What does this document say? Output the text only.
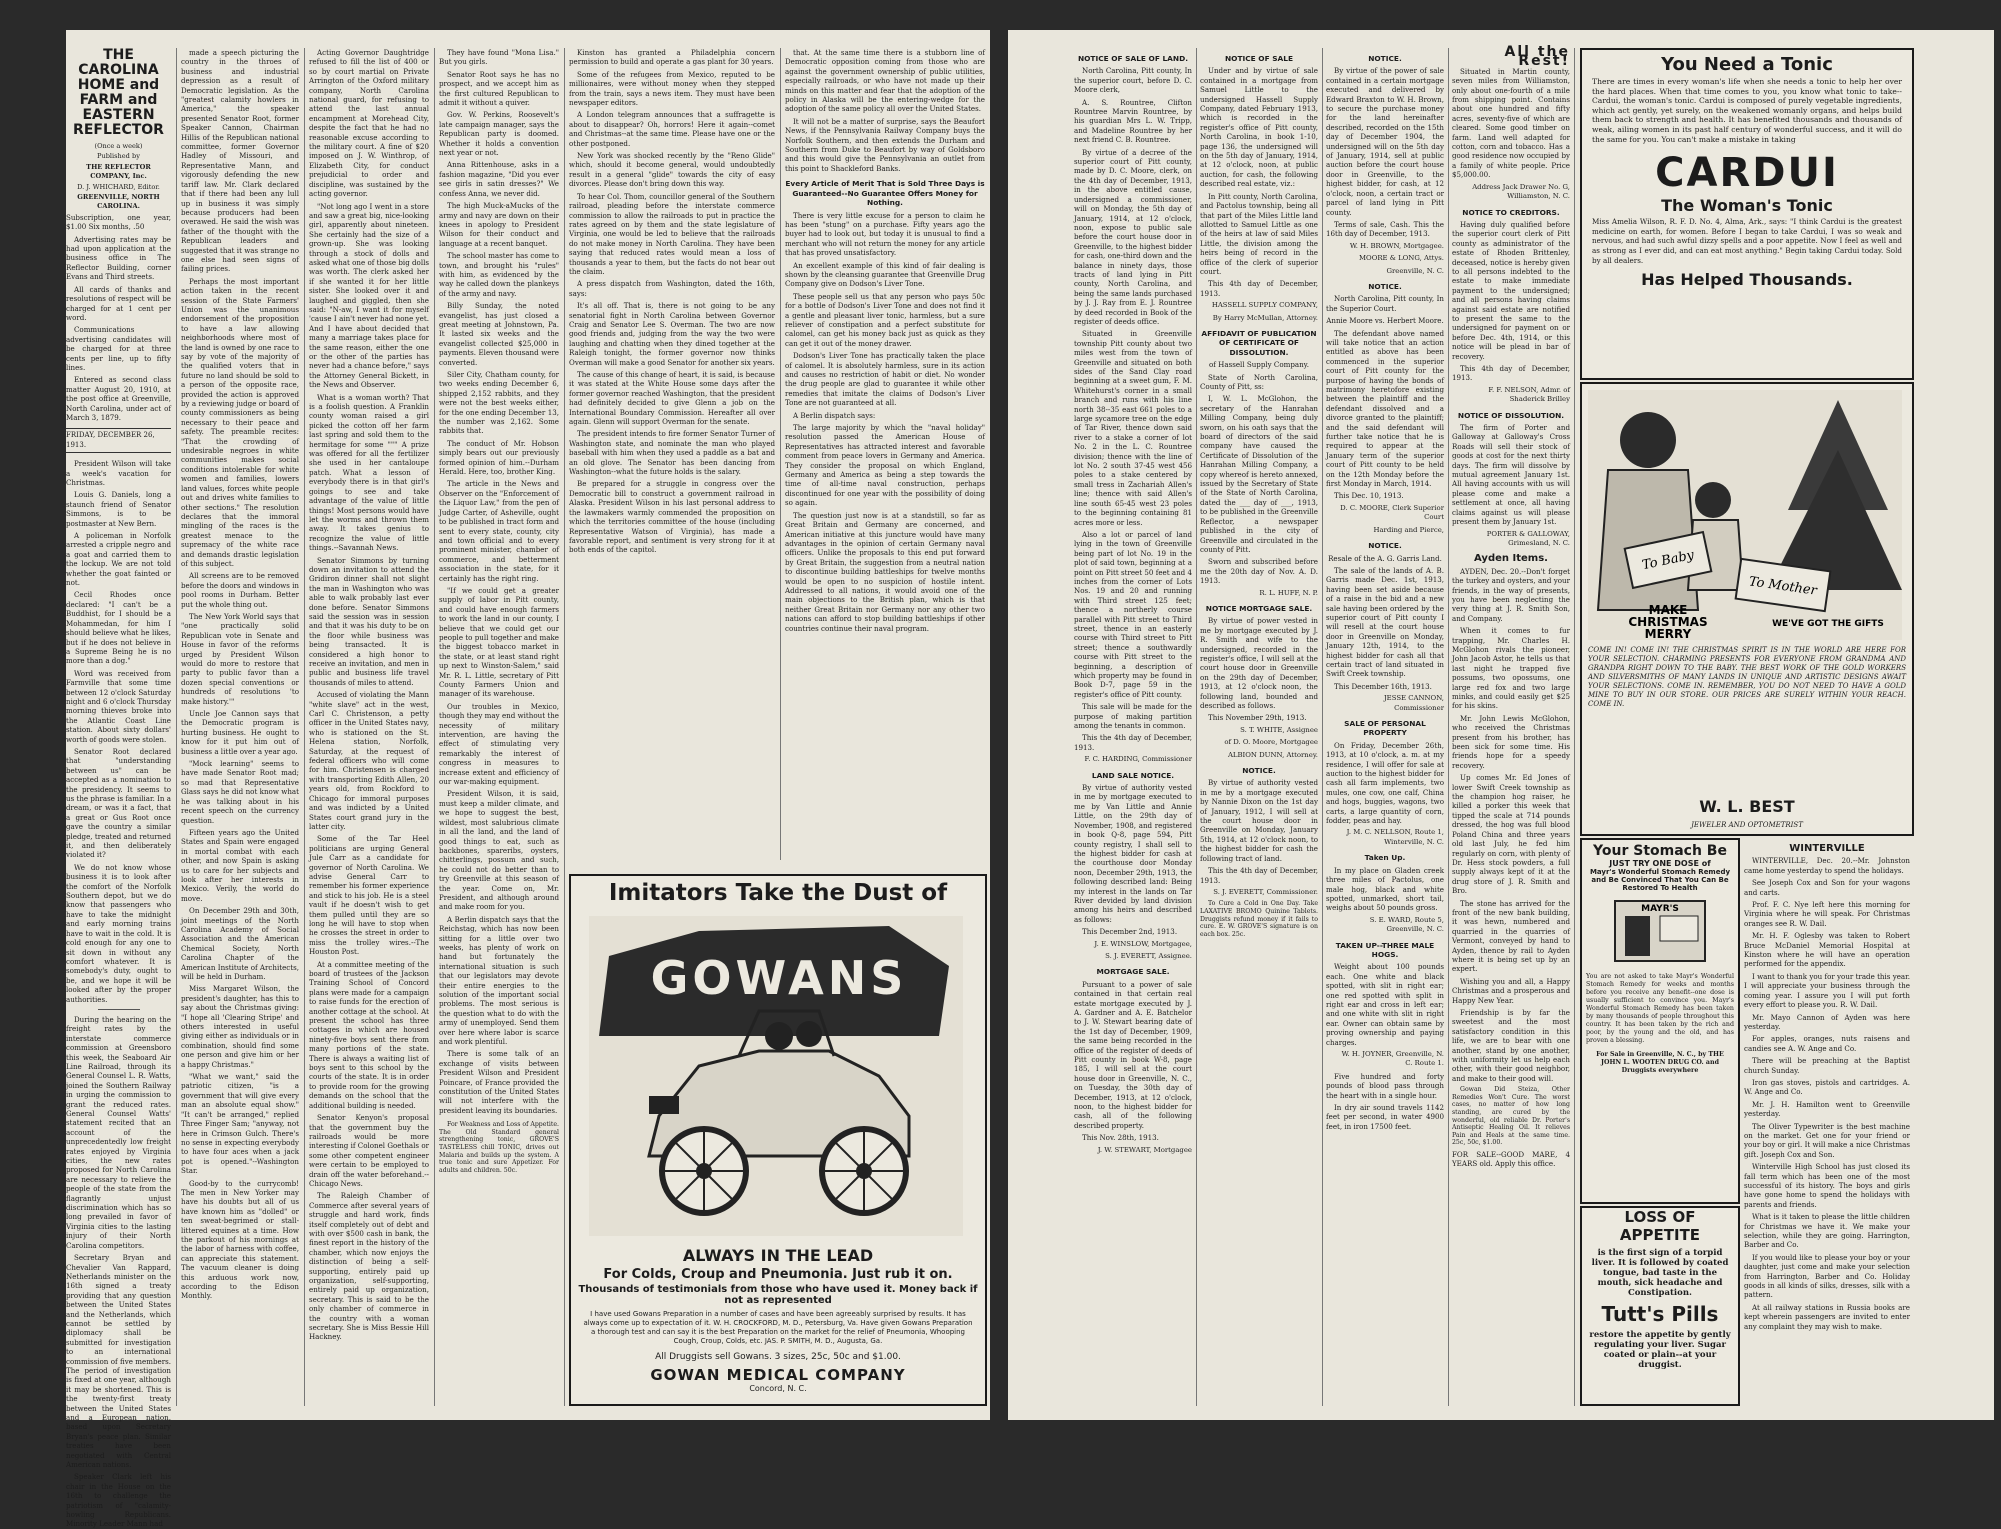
THE CAROLINA HOME and FARM and EASTERN REFLECTOR
(Once a week)
Published by
THE REFLECTOR COMPANY, Inc.
D. J. WHICHARD, Editor.
GREENVILLE, NORTH CAROLINA.

Subscription, one year, $1.00 Six months, .50

Advertising rates may be had upon application at the business office in The Reflector Building, corner Evans and Third streets.

All cards of thanks and resolutions of respect will be charged for at 1 cent per word.

Communications advertising candidates will be charged for at three cents per line, up to fifty lines.

Entered as second class matter August 20, 1910, at the post office at Greenville, North Carolina, under act of March 3, 1879.

FRIDAY, DECEMBER 26, 1913.

President Wilson will take a week's vacation for Christmas.

Louis G. Daniels, long a staunch friend of Senator Simmons, is to be postmaster at New Bern.

A policeman in Norfolk arrested a cripple negro and a goat and carried them to the lockup. We are not told whether the goat fainted or not.

Cecil Rhodes once declared: "I can't be a Buddhist, for I should be a Mohammedan, for him I should believe what he likes, but if he does not believe in a Supreme Being he is no more than a dog."

Word was received from Farmville that some time between 12 o'clock Saturday night and 6 o'clock Thursday morning thieves broke into the Atlantic Coast Line station. About sixty dollars' worth of goods were stolen.

Senator Root declared that "understanding between us" can be accepted as a nomination to the presidency. It seems to us the phrase is familiar. In a dream, or was it a fact, that a great or Gus Root once gave the country a similar pledge, treated and returned it, and then deliberately violated it?

We do not know whose business it is to look after the comfort of the Norfolk Southern depot, but we do know that passengers who have to take the midnight and early morning trains have to wait in the cold. It is cold enough for any one to sit down in without any comfort whatever. It is somebody's duty, ought to be, and we hope it will be looked after by the proper authorities.

During the hearing on the freight rates by the interstate commerce commission at Greensboro this week, the Seaboard Air Line Railroad, through its General Counsel L. R. Watts, joined the Southern Railway in urging the commission to grant the reduced rates. General Counsel Watts' statement recited that an account of the unprecedentedly low freight rates enjoyed by Virginia cities, the new rates proposed for North Carolina are necessary to relieve the people of the state from the flagrantly unjust discrimination which has so long prevailed in favor of Virginia cities to the lasting injury of their North Carolina competitors.

Secretary Bryan and Chevalier Van Rappard, Netherlands minister on the 16th signed a treaty providing that any question between the United States and the Netherlands, which cannot be settled by diplomacy shall be submitted for investigation to an international commission of five members. The period of investigation is fixed at one year, although it may be shortened. This is the twenty-first treaty between the United States and a European nation, based upon Secretary Bryan's peace plan. Similar treaties have been negotiated with Central American nations.

Speaker Clark left his chair in the House on the 16th to challenge the patriotism of "calamity-howling Republicans. Minority Leader Mann had

made a speech picturing the country in the throes of business and industrial depression as a result of Democratic legislation. As the "greatest calamity howlers in America," the speaker presented Senator Root, former Speaker Cannon, Chairman Hillis of the Republican national committee, former Governor Hadley of Missouri, and Representative Mann, and vigorously defending the new tariff law. Mr. Clark declared that if there had been any lull up in business it was simply because producers had been overawed. He said the wish was father of the thought with the Republican leaders and suggested that it was strange no one else had seen signs of failing prices.

Perhaps the most important action taken in the recent session of the State Farmers' Union was the unanimous endorsement of the proposition to have a law allowing neighborhoods where most of the land is owned by one race to say by vote of the majority of the qualified voters that in future no land should be sold to a person of the opposite race, provided the action is approved by a reviewing judge or board of county commissioners as being necessary to their peace and safety. The preamble recites: "That the crowding of undesirable negroes in white communities makes social conditions intolerable for white women and families, lowers land values, forces white people out and drives white families to other sections." The resolution declares that the immoral mingling of the races is the greatest menace to the supremacy of the white race and demands drastic legislation of this subject.

All screens are to be removed before the doors and windows in pool rooms in Durham. Better put the whole thing out.

The New York World says that "one practically solid Republican vote in Senate and House in favor of the reforms urged by President Wilson would do more to restore that party to public favor than a dozen special conventions or hundreds of resolutions 'to make history.'"

Uncle Joe Cannon says that the Democratic program is hurting business. He ought to know for it put him out of business a little over a year ago.

"Mock learning" seems to have made Senator Root mad; so mad that Representative Glass says he did not know what he was talking about in his recent speech on the currency question.

Fifteen years ago the United States and Spain were engaged in mortal combat with each other, and now Spain is asking us to care for her subjects and look after her interests in Mexico. Verily, the world do move.

On December 29th and 30th, joint meetings of the North Carolina Academy of Social Association and the American Chemical Society, North Carolina Chapter of the American Institute of Architects, will be held in Durham.

Miss Margaret Wilson, the president's daughter, has this to say about the Christmas giving: "I hope all 'Clearing Stripe' and others interested in useful giving either as individuals or in combination, should find some one person and give him or her a happy Christmas."

"What we want," said the patriotic citizen, "is a government that will give every man an absolute equal show." "It can't be arranged," replied Three Finger Sam; "anyway, not here in Crimson Gulch. There's no sense in expecting everybody to have four aces when a jack pot is opened."--Washington Star.

Good-by to the currycomb! The men in New Yorker may have his doubts but all of us have known him as "dolled" or ten sweat-begrimed or stall-littered equines at a time. How the parkout of his mornings at the labor of harness with coffee, can appreciate this statement. The vacuum cleaner is doing this arduous work now, according to the Edison Monthly.

Acting Governor Daughtridge refused to fill the list of 400 or so by court martial on Private Arrington of the Oxford military company, North Carolina national guard, for refusing to attend the last annual encampment at Morehead City, despite the fact that he had no reasonable excuse according to the military court. A fine of $20 imposed on J. W. Winthrop, of Elizabeth City, for conduct prejudicial to order and discipline, was sustained by the acting governor.

"Not long ago I went in a store and saw a great big, nice-looking girl, apparently about nineteen. She certainly had the size of a grown-up. She was looking through a stock of dolls and asked what one of those big dolls was worth. The clerk asked her if she wanted it for her little sister. She looked over it and laughed and giggled, then she said: "N-aw, I want it for myself 'cause I ain't never had none yet. And I have about decided that many a marriage takes place for the same reason, either the one or the other of the parties has never had a chance before," says the Attorney General Bickett, in the News and Observer.

What is a woman worth? That is a foolish question. A Franklin county woman raised a girl picked the cotton off her farm last spring and sold them to the hermitage for some """ A prize was offered for all the fertilizer she used in her cantaloupe patch. What a lesson of everybody there is in that girl's goings to see and take advantage of the value of little things! Most persons would have let the worms and thrown them away. It takes genius to recognize the value of little things.--Savannah News.

Senator Simmons by turning down an invitation to attend the Gridiron dinner shall not slight the man in Washington who was able to walk probably last ever done before. Senator Simmons said the session was in session and that it was his duty to be on the floor while business was being transacted. It is considered a high honor to receive an invitation, and men in public and business life travel thousands of miles to attend.

Accused of violating the Mann "white slave" act in the west, Carl C. Christenson, a petty officer in the United States navy, who is stationed on the St. Helena station, Norfolk, Saturday, at the request of federal officers who will come for him. Christensen is charged with transporting Edith Allen, 20 years old, from Rockford to Chicago for immoral purposes and was indicted by a United States court grand jury in the latter city.

Some of the Tar Heel politicians are urging General Jule Carr as a candidate for governor of North Carolina. We advise General Carr to remember his former experience and stick to his job. He is a steel vault if he doesn't wish to get them pulled until they are so long he will have to stop when he crosses the street in order to miss the trolley wires.--The Houston Post.

At a committee meeting of the board of trustees of the Jackson Training School of Concord plans were made for a campaign to raise funds for the erection of another cottage at the school. At present the school has three cottages in which are housed ninety-five boys sent there from many portions of the state. There is always a waiting list of boys sent to this school by the courts of the state. It is in order to provide room for the growing demands on the school that the additional building is needed.

Senator Kenyon's proposal that the government buy the railroads would be more interesting if Colonel Goethals or some other competent engineer were certain to be employed to drain off the water beforehand.--Chicago News.

The Raleigh Chamber of Commerce after several years of struggle and hard work, finds itself completely out of debt and with over $500 cash in bank, the finest report in the history of the chamber, which now enjoys the distinction of being a self-supporting, entirely paid up organization, self-supporting, entirely paid up organization, secretary. This is said to be the only chamber of commerce in the country with a woman secretary. She is Miss Bessie Hill Hackney.

They have found "Mona Lisa." But you girls.

Senator Root says he has no prospect, and we accept him as the first cultured Republican to admit it without a quiver.

Gov. W. Perkins, Roosevelt's late campaign manager, says the Republican party is doomed. Whether it holds a convention next year or not.

Anna Rittenhouse, asks in a fashion magazine, "Did you ever see girls in satin dresses?" We confess Anna, we never did.

The high Muck-aMucks of the army and navy are down on their knees in apology to President Wilson for their conduct and language at a recent banquet.

The school master has come to town, and brought his "rules" with him, as evidenced by the way he called down the plankeys of the army and navy.

Billy Sunday, the noted evangelist, has just closed a great meeting at Johnstown, Pa. It lasted six weeks and the evangelist collected $25,000 in payments. Eleven thousand were converted.

Siler City, Chatham county, for two weeks ending December 6, shipped 2,152 rabbits, and they were not the best weeks either, for the one ending December 13, the number was 2,162. Some rabbits that.

The conduct of Mr. Hobson simply bears out our previously formed opinion of him.--Durham Herald. Here, too, brother King.

The article in the News and Observer on the "Enforcement of the Liquor Law," from the pen of Judge Carter, of Asheville, ought to be published in tract form and sent to every state, county, city and town official and to every prominent minister, chamber of commerce, and betterment association in the state, for it certainly has the right ring.

"If we could get a greater supply of labor in Pitt county, and could have enough farmers to work the land in our county, I believe that we could get our people to pull together and make the biggest tobacco market in the state, or at least stand right up next to Winston-Salem," said Mr. R. L. Little, secretary of Pitt County Farmers Union and manager of its warehouse.

Our troubles in Mexico, though they may end without the necessity of military intervention, are having the effect of stimulating very remarkably the interest of congress in measures to increase extent and efficiency of our war-making equipment.

President Wilson, it is said, must keep a milder climate, and we hope to suggest the best, wildest, most salubrious climate in all the land, and the land of good things to eat, such as backbones, spareribs, oysters, chitterlings, possum and such, he could not do better than to try Greenville at this season of the year. Come on, Mr. President, and although around and make room for you.

A Berlin dispatch says that the Reichstag, which has now been sitting for a little over two weeks, has plenty of work on hand but fortunately the international situation is such that our legislators may devote their entire energies to the solution of the important social problems. The most serious is the question what to do with the army of unemployed. Send them over here where labor is scarce and work plentiful.

There is some talk of an exchange of visits between President Wilson and President Poincare, of France provided the constitution of the United States will not interfere with the president leaving its boundaries.

For Weakness and Loss of Appetite. The Old Standard general strengthening tonic, GROVE'S TASTELESS chill TONIC, drives out Malaria and builds up the system. A true tonic and sure Appetizer. For adults and children. 50c.

Kinston has granted a Philadelphia concern permission to build and operate a gas plant for 30 years.

Some of the refugees from Mexico, reputed to be millionaires, were without money when they stepped from the train, says a news item. They must have been newspaper editors.

A London telegram announces that a suffragette is about to disappear? Oh, horrors! Here it again--comet and Christmas--at the same time. Please have one or the other postponed.

New York was shocked recently by the "Reno Glide" which, should it become general, would undoubtedly result in a general "glide" towards the city of easy divorces. Please don't bring down this way.

To hear Col. Thom, councillor general of the Southern railroad, pleading before the interstate commerce commission to allow the railroads to put in practice the rates agreed on by them and the state legislature of Virginia, one would be led to believe that the railroads do not make money in North Carolina. They have been saying that reduced rates would mean a loss of thousands a year to them, but the facts do not bear out the claim.

A press dispatch from Washington, dated the 16th, says:

It's all off. That is, there is not going to be any senatorial fight in North Carolina between Governor Craig and Senator Lee S. Overman. The two are now good friends and, judging from the way the two were laughing and chatting when they dined together at the Raleigh tonight, the former governor now thinks Overman will make a good Senator for another six years.

The cause of this change of heart, it is said, is because it was stated at the White House some days after the former governor reached Washington, that the president had definitely decided to give Glenn a job on the International Boundary Commission. Hereafter all over again. Glenn will support Overman for the senate.

The president intends to fire former Senator Turner of Washington state, and nominate the man who played baseball with him when they used a paddle as a bat and an old glove. The Senator has been dancing from Washington--what the future holds is the salary.

Be prepared for a struggle in congress over the Democratic bill to construct a government railroad in Alaska. President Wilson in his last personal address to the lawmakers warmly commended the proposition on which the territories committee of the house (including Representative Watson of Virginia), has made a favorable report, and sentiment is very strong for it at both ends of the capitol.

that. At the same time there is a stubborn line of Democratic opposition coming from those who are against the government ownership of public utilities, especially railroads, or who have not made up their minds on this matter and fear that the adoption of the policy in Alaska will be the entering-wedge for the adoption of the same policy all over the United States.

It will not be a matter of surprise, says the Beaufort News, if the Pennsylvania Railway Company buys the Norfolk Southern, and then extends the Durham and Southern from Duke to Beaufort by way of Goldsboro and this would give the Pennsylvania an outlet from this point to Shackleford Banks.

Every Article of Merit That is Sold Three Days is Guaranteed--No Guarantee Offers Money for Nothing.

There is very little excuse for a person to claim he has been "stung" on a purchase. Fifty years ago the buyer had to look out, but today it is unusual to find a merchant who will not return the money for any article that has proved unsatisfactory.

An excellent example of this kind of fair dealing is shown by the cleansing guarantee that Greenville Drug Company give on Dodson's Liver Tone.

These people sell us that any person who pays 50c for a bottle of Dodson's Liver Tone and does not find it a gentle and pleasant liver tonic, harmless, but a sure reliever of constipation and a perfect substitute for calomel, can get his money back just as quick as they can get it out of the money drawer.

Dodson's Liver Tone has practically taken the place of calomel. It is absolutely harmless, sure in its action and causes no restriction of habit or diet. No wonder the drug people are glad to guarantee it while other remedies that imitate the claims of Dodson's Liver Tone are not guaranteed at all.

A Berlin dispatch says:

The large majority by which the "naval holiday" resolution passed the American House of Representatives has attracted interest and favorable comment from peace lovers in Germany and America. They consider the proposal on which England, Germany and America as being a step towards the time of all-time naval construction, perhaps discontinued for one year with the possibility of doing so again.

The question just now is at a standstill, so far as Great Britain and Germany are concerned, and American initiative at this juncture would have many advantages in the opinion of certain Germany naval officers. Unlike the proposals to this end put forward by Great Britain, the suggestion from a neutral nation to discontinue building battleships for twelve months would be open to no suspicion of hostile intent. Addressed to all nations, it would avoid one of the main objections to the British plan, which is that neither Great Britain nor Germany nor any other two nations can afford to stop building battleships if other countries continue their naval program.

Imitators Take the Dust of
GOWANS
ALWAYS IN THE LEAD
For Colds, Croup and Pneumonia. Just rub it on.
Thousands of testimonials from those who have used it. Money back if not as represented
I have used Gowans Preparation in a number of cases and have been agreeably surprised by results. It has always come up to expectation of it. W. H. CROCKFORD, M. D., Petersburg, Va. Have given Gowans Preparation a thorough test and can say it is the best Preparation on the market for the relief of Pneumonia, Whooping Cough, Croup, Colds, etc. JAS. P. SMITH, M. D., Augusta, Ga.
All Druggists sell Gowans. 3 sizes, 25c, 50c and $1.00.
GOWAN MEDICAL COMPANY
Concord, N. C.
NOTICE OF SALE OF LAND.

North Carolina, Pitt county, In the superior court, before D. C. Moore clerk,

A. S. Rountree, Clifton Rountree Marvin Rountree, by his guardian Mrs L. W. Tripp, and Madeline Rountree by her next friend C. B. Rountree.

By virtue of a decree of the superior court of Pitt county, made by D. C. Moore, clerk, on the 4th day of December, 1913, in the above entitled cause, undersigned a commissioner, will on Monday, the 5th day of January, 1914, at 12 o'clock, noon, expose to public sale before the court house door in Greenville, to the highest bidder for cash, one-third down and the balance in ninety days, those tracts of land lying in Pitt county, North Carolina, and being the same lands purchased by J. J. Ray from E. J. Rountree by deed recorded in Book of the register of deeds office.

Situated in Greenville township Pitt county about two miles west from the town of Greenville and situated on both sides of the Sand Clay road beginning at a sweet gum, F. M. Whitehurst's corner in a small branch and runs with his line north 38--35 east 661 poles to a large sycamore tree on the edge of Tar River, thence down said river to a stake a corner of lot No. 2 in the L. C. Rountree division; thence with the line of lot No. 2 south 37-45 west 456 poles to a stake centered by small tress in Zachariah Allen's line; thence with said Allen's line south 65-45 west 23 poles to the beginning containing 81 acres more or less.

Also a lot or parcel of land lying in the town of Greenville being part of lot No. 19 in the plot of said town, beginning at a point on Pitt street 50 feet and 4 inches from the corner of Lots Nos. 19 and 20 and running with Third street 125 feet; thence a northerly course parallel with Pitt street to Third street, thence in an easterly course with Third street to Pitt street; thence a southwardly course with Pitt street to the beginning, a description of which property may be found in Book D-7, page 59 in the register's office of Pitt county.

This sale will be made for the purpose of making partition among the tenants in common.

This the 4th day of December, 1913.

F. C. HARDING, Commissioner

LAND SALE NOTICE.

By virtue of authority vested in me by mortgage executed to me by Van Little and Annie Little, on the 29th day of November, 1908, and registered in book Q-8, page 594, Pitt county registry, I shall sell to the highest bidder for cash at the courthouse door Monday noon, December 29th, 1913, the following described land: Being my interest in the lands on Tar River devided by land division among his heirs and described as follows:

This December 2nd, 1913.

J. E. WINSLOW, Mortgagee,

S. J. EVERETT, Assignee.

MORTGAGE SALE.

Pursuant to a power of sale contained in that certain real estate mortgage executed by J. A. Gardner and A. E. Batchelor to J. W. Stewart bearing date of the 1st day of December, 1909, the same being recorded in the office of the register of deeds of Pitt county in book W-8, page 185, I will sell at the court house door in Greenville, N. C., on Tuesday, the 30th day of December, 1913, at 12 o'clock, noon, to the highest bidder for cash, all of the following described property.

This Nov. 28th, 1913.

J. W. STEWART, Mortgagee

NOTICE OF SALE

Under and by virtue of sale contained in a mortgage from Samuel Little to the undersigned Hassell Supply Company, dated February 1913, which is recorded in the register's office of Pitt county, North Carolina, in book 1-10, page 136, the undersigned will on the 5th day of January, 1914, at 12 o'clock, noon, at public auction, for cash, the following described real estate, viz.:

In Pitt county, North Carolina, and Pactolus township, being all that part of the Miles Little land allotted to Samuel Little as one of the heirs at law of said Miles Little, the division among the heirs being of record in the office of the clerk of superior court.

This 4th day of December, 1913.

HASSELL SUPPLY COMPANY,

By Harry McMullan, Attorney.

AFFIDAVIT OF PUBLICATION OF CERTIFICATE OF DISSOLUTION.

of Hassell Supply Company.

State of North Carolina, County of Pitt, ss:

I, W. L. McGlohon, the secretary of the Hanrahan Milling Company, being duly sworn, on his oath says that the board of directors of the said company have caused the Certificate of Dissolution of the Hanrahan Milling Company, a copy whereof is hereto annexed, issued by the Secretary of State of the State of North Carolina, dated the ___ day of ___, 1913, to be published in the Greenville Reflector, a newspaper published in the city of Greenville and circulated in the county of Pitt.

Sworn and subscribed before me the 20th day of Nov. A. D. 1913.

R. L. HUFF, N. P.

NOTICE MORTGAGE SALE.

By virtue of power vested in me by mortgage executed by J. R. Smith and wife to the undersigned, recorded in the register's office, I will sell at the court house door in Greenville on the 29th day of December, 1913, at 12 o'clock noon, the following land, bounded and described as follows.

This November 29th, 1913.

S. T. WHITE, Assignee

of D. O. Moore, Mortgagee

ALBION DUNN, Attorney.

NOTICE.

By virtue of authority vested in me by a mortgage executed by Nannie Dixon on the 1st day of January, 1912, I will sell at the court house door in Greenville on Monday, January 5th, 1914, at 12 o'clock noon, to the highest bidder for cash the following tract of land.

This the 4th day of December, 1913.

S. J. EVERETT, Commissioner.

To Cure a Cold in One Day. Take LAXATIVE BROMO Quinine Tablets. Druggists refund money if it fails to cure. E. W. GROVE'S signature is on each box. 25c.

NOTICE.

By virtue of the power of sale contained in a certain mortgage executed and delivered by Edward Braxton to W. H. Brown, to secure the purchase money for the land hereinafter described, recorded on the 15th day of December 1904, the undersigned will on the 5th day of January, 1914, sell at public auction before the court house door in Greenville, to the highest bidder, for cash, at 12 o'clock, noon, a certain tract or parcel of land lying in Pitt county.

Terms of sale, Cash. This the 16th day of December, 1913.

W. H. BROWN, Mortgagee.

MOORE & LONG, Attys.

Greenville, N. C.

NOTICE.

North Carolina, Pitt county, In the Superior Court.

Annie Moore vs. Herbert Moore.

The defendant above named will take notice that an action entitled as above has been commenced in the superior court of Pitt county for the purpose of having the bonds of matrimony heretofore existing between the plaintiff and the defendant dissolved and a divorce granted to the plaintiff; and the said defendant will further take notice that he is required to appear at the January term of the superior court of Pitt county to be held on the 12th Monday before the first Monday in March, 1914.

This Dec. 10, 1913.

D. C. MOORE, Clerk Superior Court

Harding and Pierce,

NOTICE.

Resale of the A. G. Garris Land.

The sale of the lands of A. B. Garris made Dec. 1st, 1913, having been set aside because of a raise in the bid and a new sale having been ordered by the superior court of Pitt county I will resell at the court house door in Greenville on Monday, January 12th, 1914, to the highest bidder for cash all that certain tract of land situated in Swift Creek township.

This December 16th, 1913.

JESSE CANNON, Commissioner

SALE OF PERSONAL PROPERTY

On Friday, December 26th, 1913, at 10 o'clock, a. m. at my residence, I will offer for sale at auction to the highest bidder for cash all farm implements, two mules, one cow, one calf, China and hogs, buggies, wagons, two carts, a large quantity of corn, fodder, peas and hay.

J. M. C. NELLSON, Route 1, Winterville, N. C.

Taken Up.

In my place on Gladen creek three miles of Pactolus, one male hog, black and white spotted, unmarked, short tail, weighs about 50 pounds gross.

S. E. WARD, Route 5, Greenville, N. C.

TAKEN UP--THREE MALE HOGS.

Weight about 100 pounds each. One white and black spotted, with slit in right ear; one red spotted with split in right ear and cross in left ear; and one white with slit in right ear. Owner can obtain same by proving ownership and paying charges.

W. H. JOYNER, Greenville, N. C. Route 1.

Five hundred and forty pounds of blood pass through the heart with in a single hour.

In dry air sound travels 1142 feet per second, in water 4900 feet, in iron 17500 feet.

All the Rest!

Situated in Martin county, seven miles from Williamston, only about one-fourth of a mile from shipping point. Contains about one hundred and fifty acres, seventy-five of which are cleared. Some good timber on farm. Land well adapted for cotton, corn and tobacco. Has a good residence now occupied by a family of white people. Price $5,000.00.

Address Jack Drawer No. G, Williamston, N. C.

NOTICE TO CREDITORS.

Having duly qualified before the superior court clerk of Pitt county as administrator of the estate of Rhoden Brittenley, deceased, notice is hereby given to all persons indebted to the estate to make immediate payment to the undersigned; and all persons having claims against said estate are notified to present the same to the undersigned for payment on or before Dec. 4th, 1914, or this notice will be plead in bar of recovery.

This 4th day of December, 1913.

F. F. NELSON, Admr. of Shaderick Brilley

NOTICE OF DISSOLUTION.

The firm of Porter and Galloway at Galloway's Cross Roads will sell their stock of goods at cost for the next thirty days. The firm will dissolve by mutual agreement January 1st. All having accounts with us will please come and make a settlement at once, all having claims against us will please present them by January 1st.

PORTER & GALLOWAY, Grimesland, N. C.

Ayden Items.

AYDEN, Dec. 20.--Don't forget the turkey and oysters, and your friends, in the way of presents, you have been neglecting the very thing at J. R. Smith Son, and Company.

When it comes to fur trapping, Mr. Charles H. McGlohon rivals the pioneer, John Jacob Astor, he tells us that last night he trapped five possums, two opossums, one large red fox and two large minks, and could easily get $25 for his skins.

Mr. John Lewis McGlohon, who received the Christmas present from his brother, has been sick for some time. His friends hope for a speedy recovery.

Up comes Mr. Ed Jones of lower Swift Creek township as the champion hog raiser, he killed a porker this week that tipped the scale at 714 pounds dressed, the hog was full blood Poland China and three years old last July, he fed him regularly on corn, with plenty of Dr. Hess stock powders, a full supply always kept of it at the drug store of J. R. Smith and Bro.

The stone has arrived for the front of the new bank building, it was hewn, numbered and quarried in the quarries of Vermont, conveyed by hand to Ayden, thence by rail to Ayden where it is being set up by an expert.

Wishing you and all, a Happy Christmas and a prosperous and Happy New Year.

Friendship is by far the sweetest and the most satisfactory condition in this life, we are to bear with one another, stand by one another, with uniformity let us help each other, with their good neighbor, and make to their good will.

Gowan Did Steiza, Other Remedies Won't Cure. The worst cases, no matter of how long standing, are cured by the wonderful, old reliable Dr. Porter's Antiseptic Healing Oil. It relieves Pain and Heals at the same time. 25c, 50c, $1.00.

FOR SALE--GOOD MARE, 4 YEARS old. Apply this office.

You Need a Tonic
There are times in every woman's life when she needs a tonic to help her over the hard places. When that time comes to you, you know what tonic to take--Cardui, the woman's tonic. Cardui is composed of purely vegetable ingredients, which act gently, yet surely, on the weakened womanly organs, and helps build them back to strength and health. It has benefited thousands and thousands of weak, ailing women in its past half century of wonderful success, and it will do the same for you. You can't make a mistake in taking
CARDUI
The Woman's Tonic
Miss Amelia Wilson, R. F. D. No. 4, Alma, Ark., says: "I think Cardui is the greatest medicine on earth, for women. Before I began to take Cardui, I was so weak and nervous, and had such awful dizzy spells and a poor appetite. Now I feel as well and as strong as I ever did, and can eat most anything." Begin taking Cardui today. Sold by all dealers.
Has Helped Thousands.
To Baby
To Mother
MAKE
CHRISTMAS
MERRY
WE'VE GOT THE GIFTS
COME IN! COME IN! THE CHRISTMAS SPIRIT IS IN THE WORLD ARE HERE FOR YOUR SELECTION. CHARMING PRESENTS FOR EVERYONE FROM GRANDMA AND GRANDPA RIGHT DOWN TO THE BABY. THE BEST WORK OF THE GOLD WORKERS AND SILVERSMITHS OF MANY LANDS IN UNIQUE AND ARTISTIC DESIGNS AWAIT YOUR SELECTIONS. COME IN. REMEMBER, YOU DO NOT NEED TO HAVE A GOLD MINE TO BUY IN OUR STORE. OUR PRICES ARE SURELY WITHIN YOUR REACH. COME IN.
W. L. BEST
JEWELER AND OPTOMETRIST
Your Stomach Be
JUST TRY ONE DOSE of
Mayr's Wonderful Stomach Remedy and Be Convinced That You Can Be Restored To Health
MAYR'S
You are not asked to take Mayr's Wonderful Stomach Remedy for weeks and months before you receive any benefit--one dose is usually sufficient to convince you. Mayr's Wonderful Stomach Remedy has been taken by many thousands of people throughout this country. It has been taken by the rich and poor, by the young and the old, and has proven a blessing.
For Sale in Greenville, N. C., by THE JOHN L. WOOTEN DRUG CO. and Druggists everywhere
LOSS OF APPETITE
is the first sign of a torpid liver. It is followed by coated tongue, bad taste in the mouth, sick headache and Constipation.
Tutt's Pills
restore the appetite by gently regulating your liver. Sugar coated or plain--at your druggist.
WINTERVILLE

WINTERVILLE, Dec. 20.--Mr. Johnston came home yesterday to spend the holidays.

See Joseph Cox and Son for your wagons and carts.

Prof. F. C. Nye left here this morning for Virginia where he will speak. For Christmas oranges see R. W. Dail.

Mr. H. F. Oglesby was taken to Robert Bruce McDaniel Memorial Hospital at Kinston where he will have an operation performed for the appendix.

I want to thank you for your trade this year. I will appreciate your business through the coming year. I assure you I will put forth every effort to please you. R. W. Dail.

Mr. Mayo Cannon of Ayden was here yesterday.

For apples, oranges, nuts raisens and candies see A. W. Ange and Co.

There will be preaching at the Baptist church Sunday.

Iron gas stoves, pistols and cartridges. A. W. Ange and Co.

Mr. J. H. Hamilton went to Greenville yesterday.

The Oliver Typewriter is the best machine on the market. Get one for your friend or your boy or girl. It will make a nice Christmas gift. Joseph Cox and Son.

Winterville High School has just closed its fall term which has been one of the most successful of its history. The boys and girls have gone home to spend the holidays with parents and friends.

What is it taken to please the little children for Christmas we have it. We make your selection, while they are going. Harrington, Barber and Co.

If you would like to please your boy or your daughter, just come and make your selection from Harrington, Barber and Co. Holiday goods in all kinds of silks, dresses, silk with a pattern.

At all railway stations in Russia books are kept wherein passengers are invited to enter any complaint they may wish to make.
